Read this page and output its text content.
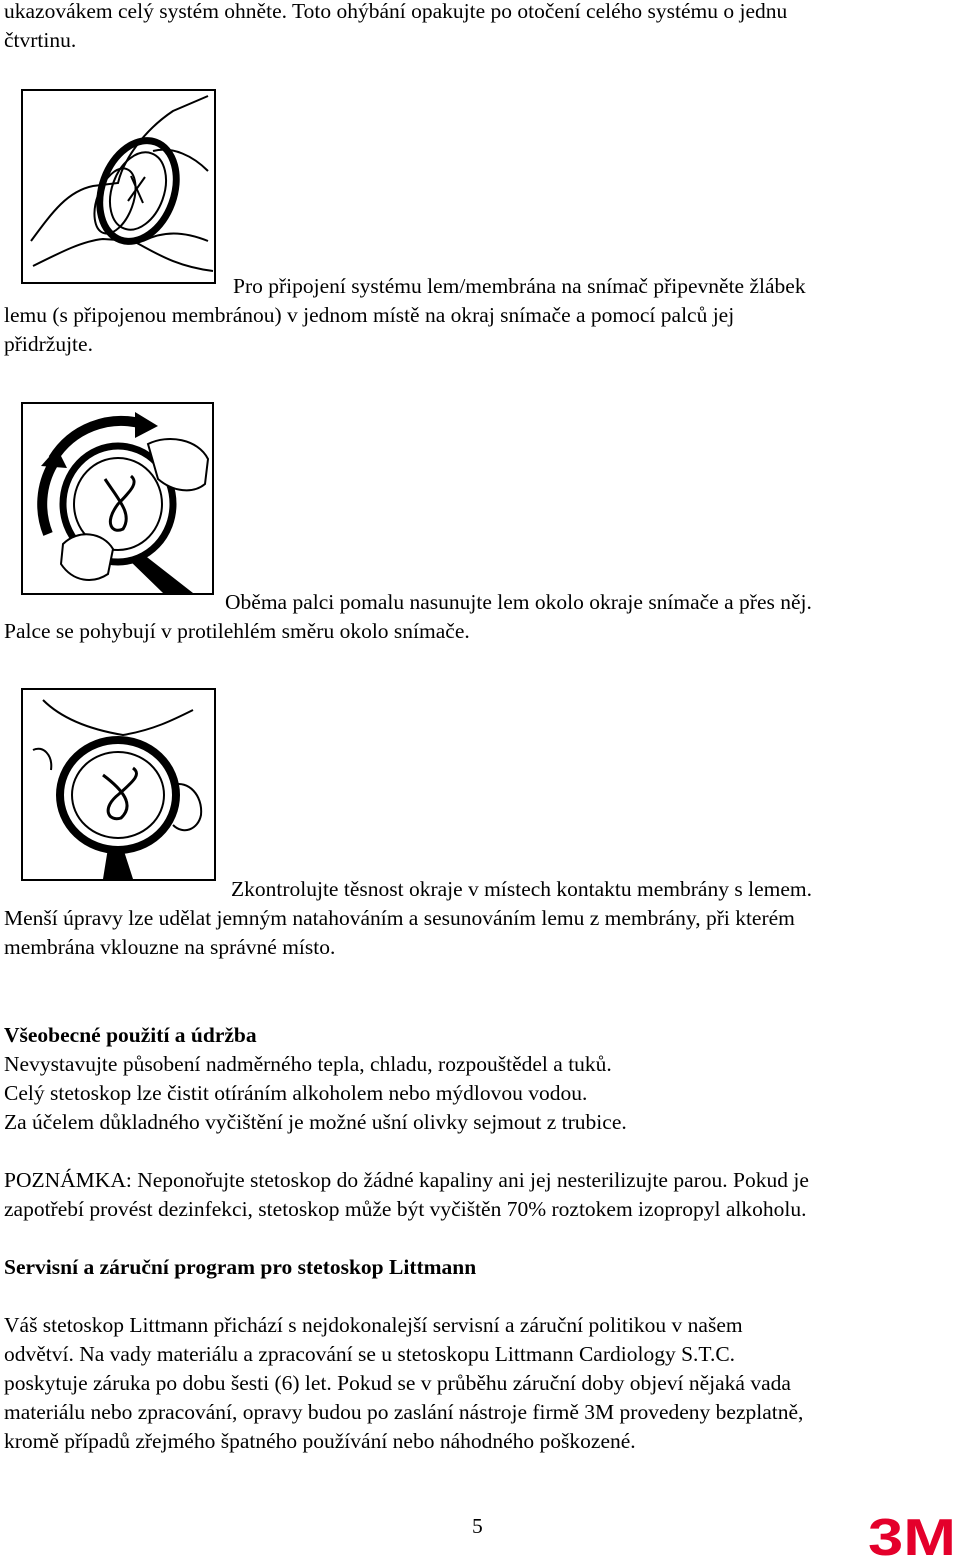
ukazovákem celý systém ohněte. Toto ohýbání opakujte po otočení celého systému o jednu
čtvrtinu.
Pro připojení systému lem/membrána na snímač připevněte žlábek
lemu (s připojenou membránou) v jednom místě na okraj snímače a pomocí palců jej
přidržujte.
Oběma palci pomalu nasunujte lem okolo okraje snímače a přes něj.
Palce se pohybují v protilehlém směru okolo snímače.
Zkontrolujte těsnost okraje v místech kontaktu membrány s lemem.
Menší úpravy lze udělat jemným natahováním a sesunováním lemu z membrány, při kterém
membrána vklouzne na správné místo.
Všeobecné použití a údržba
Nevystavujte působení nadměrného tepla, chladu, rozpouštědel a tuků.
Celý stetoskop lze čistit otíráním alkoholem nebo mýdlovou vodou.
Za účelem důkladného vyčištění je možné ušní olivky sejmout z trubice.
POZNÁMKA: Neponořujte stetoskop do žádné kapaliny ani jej nesterilizujte parou. Pokud je
zapotřebí provést dezinfekci, stetoskop může být vyčištěn 70% roztokem izopropyl alkoholu.
Servisní a záruční program pro stetoskop Littmann
Váš stetoskop Littmann přichází s nejdokonalejší servisní a záruční politikou v našem
odvětví. Na vady materiálu a zpracování se u stetoskopu Littmann Cardiology S.T.C.
poskytuje záruka po dobu šesti (6) let. Pokud se v průběhu záruční doby objeví nějaká vada
materiálu nebo zpracování, opravy budou po zaslání nástroje firmě 3M provedeny bezplatně,
kromě případů zřejmého špatného používání nebo náhodného poškozené.
5	3M
